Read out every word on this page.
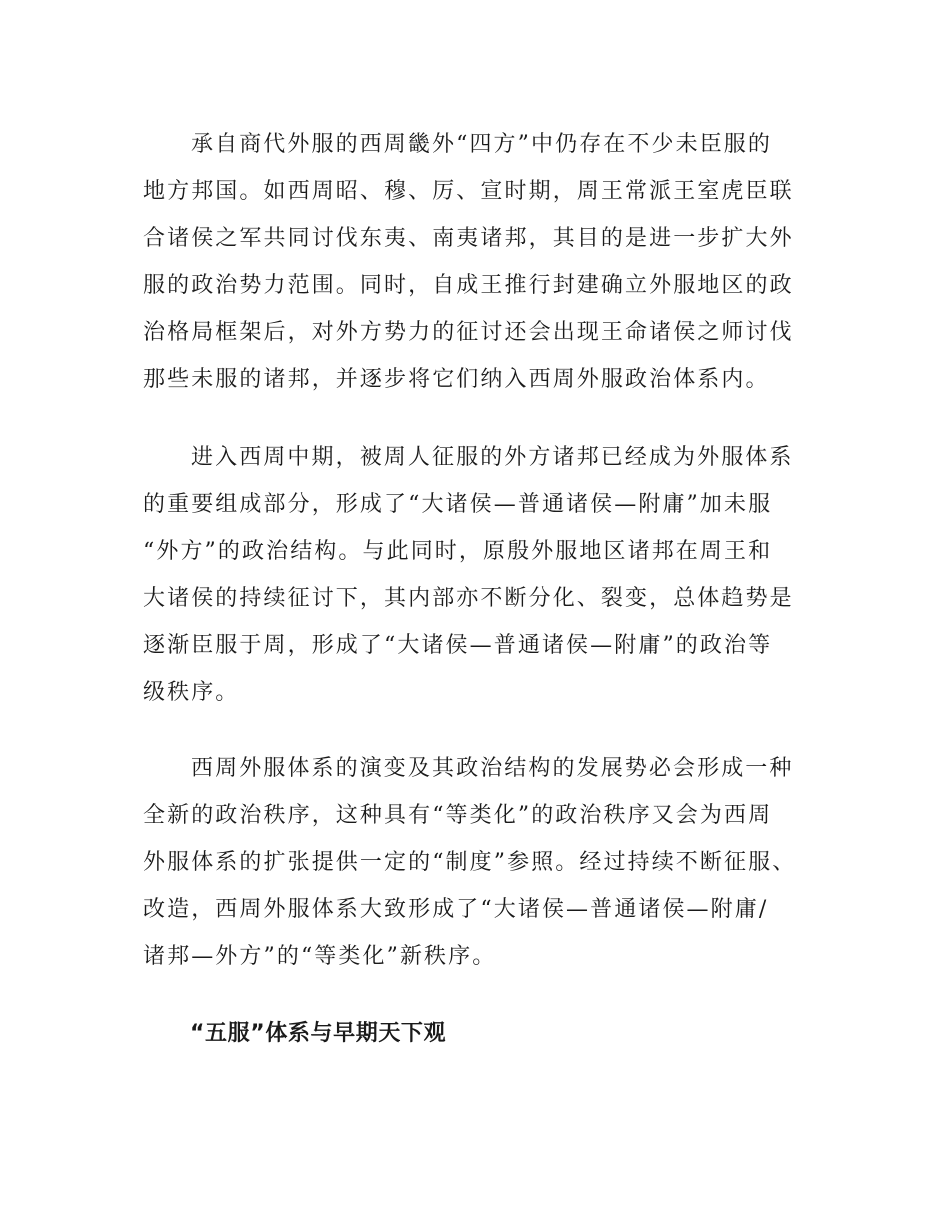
承自商代外服的西周畿外“四方”中仍存在不少未臣服的
地方邦国。如西周昭、穆、厉、宣时期，周王常派王室虎臣联
合诸侯之军共同讨伐东夷、南夷诸邦，其目的是进一步扩大外
服的政治势力范围。同时，自成王推行封建确立外服地区的政
治格局框架后，对外方势力的征讨还会出现王命诸侯之师讨伐
那些未服的诸邦，并逐步将它们纳入西周外服政治体系内。
进入西周中期，被周人征服的外方诸邦已经成为外服体系
的重要组成部分，形成了“大诸侯—普通诸侯—附庸”加未服
“外方”的政治结构。与此同时，原殷外服地区诸邦在周王和
大诸侯的持续征讨下，其内部亦不断分化、裂变，总体趋势是
逐渐臣服于周，形成了“大诸侯—普通诸侯—附庸”的政治等
级秩序。
西周外服体系的演变及其政治结构的发展势必会形成一种
全新的政治秩序，这种具有“等类化”的政治秩序又会为西周
外服体系的扩张提供一定的“制度”参照。经过持续不断征服、
改造，西周外服体系大致形成了“大诸侯—普通诸侯—附庸/
诸邦—外方”的“等类化”新秩序。
“五服”体系与早期天下观
